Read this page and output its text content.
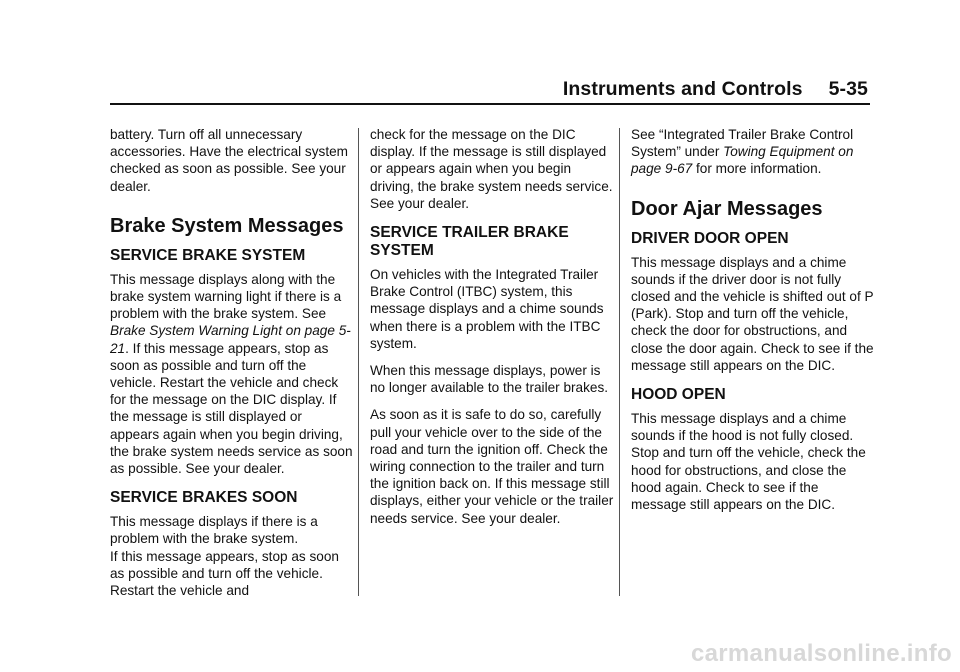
Instruments and Controls 5-35

battery. Turn off all unnecessary accessories. Have the electrical system checked as soon as possible. See your dealer.

Brake System Messages
SERVICE BRAKE SYSTEM

This message displays along with the brake system warning light if there is a problem with the brake system. See Brake System Warning Light on page 5-21. If this message appears, stop as soon as possible and turn off the vehicle. Restart the vehicle and check for the message on the DIC display. If the message is still displayed or appears again when you begin driving, the brake system needs service as soon as possible. See your dealer.

SERVICE BRAKES SOON

This message displays if there is a problem with the brake system.

If this message appears, stop as soon as possible and turn off the vehicle. Restart the vehicle and

check for the message on the DIC display. If the message is still displayed or appears again when you begin driving, the brake system needs service. See your dealer.

SERVICE TRAILER BRAKE SYSTEM

On vehicles with the Integrated Trailer Brake Control (ITBC) system, this message displays and a chime sounds when there is a problem with the ITBC system.

When this message displays, power is no longer available to the trailer brakes.

As soon as it is safe to do so, carefully pull your vehicle over to the side of the road and turn the ignition off. Check the wiring connection to the trailer and turn the ignition back on. If this message still displays, either your vehicle or the trailer needs service. See your dealer.

See “Integrated Trailer Brake Control System” under Towing Equipment on page 9-67 for more information.

Door Ajar Messages
DRIVER DOOR OPEN

This message displays and a chime sounds if the driver door is not fully closed and the vehicle is shifted out of P (Park). Stop and turn off the vehicle, check the door for obstructions, and close the door again. Check to see if the message still appears on the DIC.

HOOD OPEN

This message displays and a chime sounds if the hood is not fully closed. Stop and turn off the vehicle, check the hood for obstructions, and close the hood again. Check to see if the message still appears on the DIC.

carmanualsonline.info
